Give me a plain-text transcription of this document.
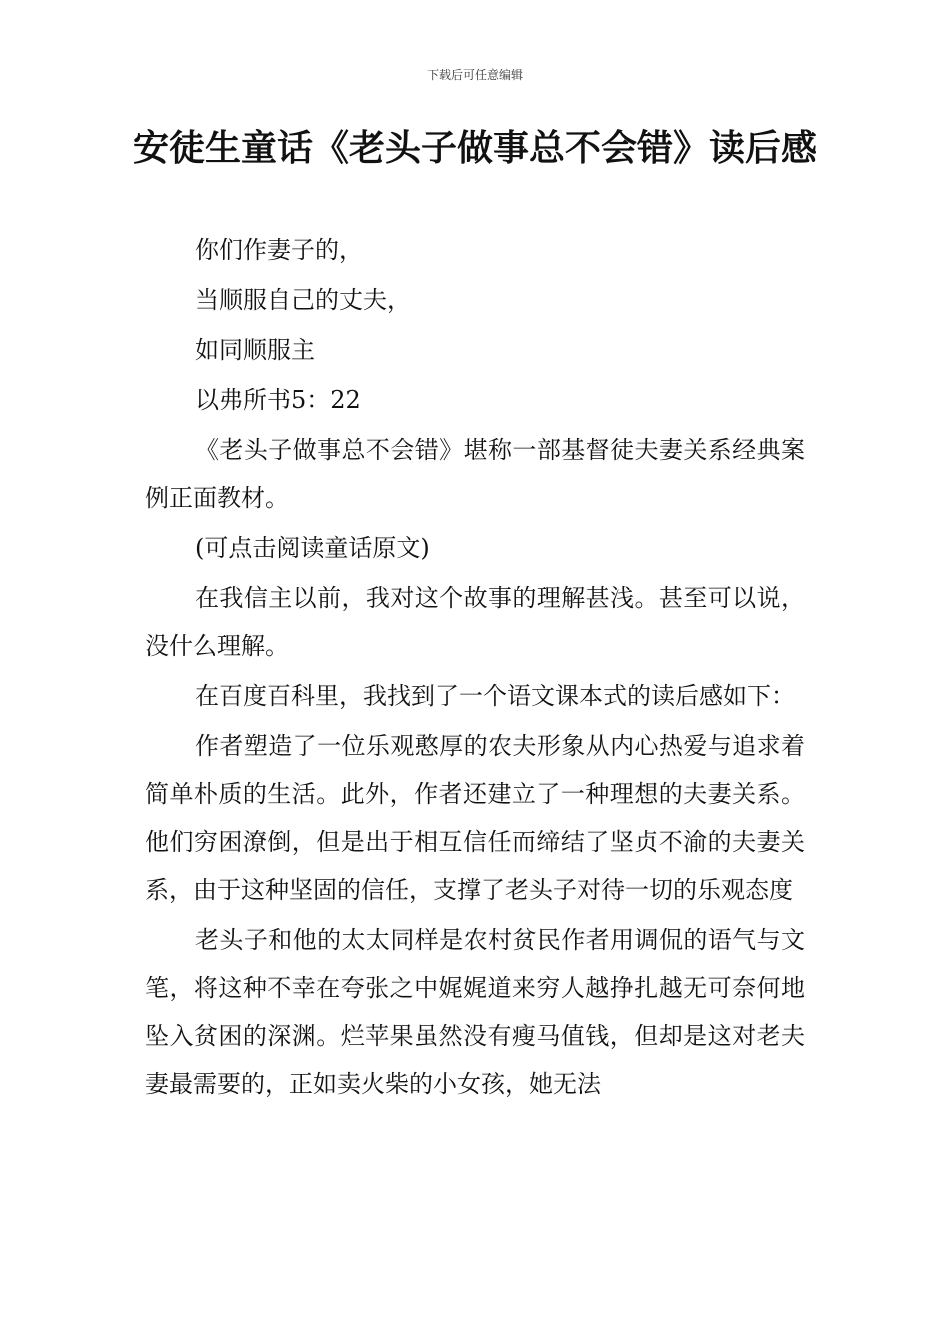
下载后可任意编辑
安徒生童话《老头子做事总不会错》读后感

你们作妻子的，

当顺服自己的丈夫，

如同顺服主

以弗所书5：22

《老头子做事总不会错》堪称一部基督徒夫妻关系经典案例正面教材。

(可点击阅读童话原文)

在我信主以前，我对这个故事的理解甚浅。甚至可以说，没什么理解。

在百度百科里，我找到了一个语文课本式的读后感如下：

作者塑造了一位乐观憨厚的农夫形象从内心热爱与追求着简单朴质的生活。此外，作者还建立了一种理想的夫妻关系。他们穷困潦倒，但是出于相互信任而缔结了坚贞不渝的夫妻关系，由于这种坚固的信任，支撑了老头子对待一切的乐观态度

老头子和他的太太同样是农村贫民作者用调侃的语气与文笔，将这种不幸在夸张之中娓娓道来穷人越挣扎越无可奈何地坠入贫困的深渊。烂苹果虽然没有瘦马值钱，但却是这对老夫妻最需要的，正如卖火柴的小女孩，她无法
